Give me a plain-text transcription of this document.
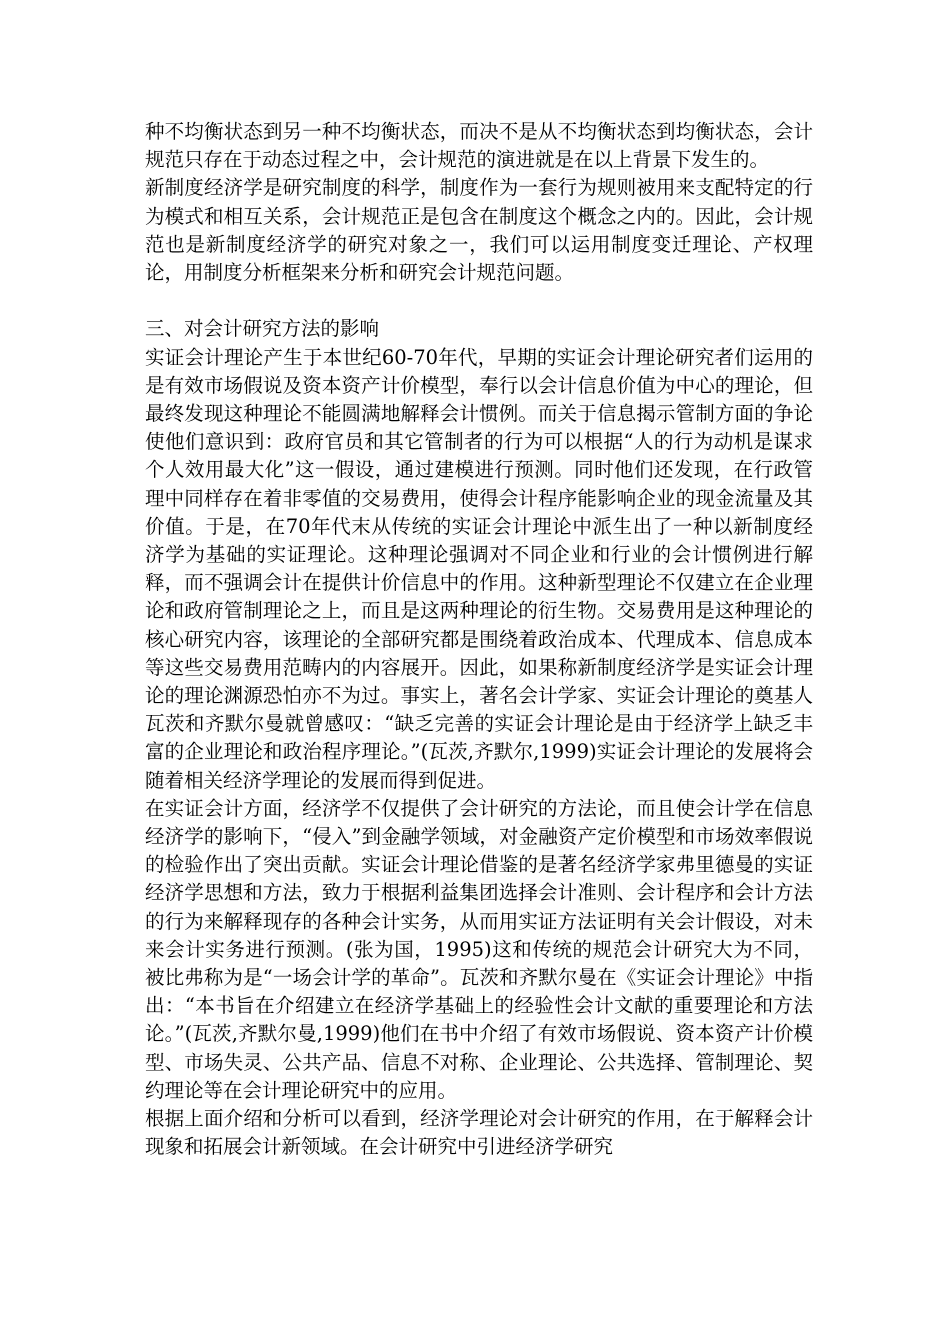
种不均衡状态到另一种不均衡状态，而决不是从不均衡状态到均衡状态，会计规范只存在于动态过程之中，会计规范的演进就是在以上背景下发生的。

新制度经济学是研究制度的科学，制度作为一套行为规则被用来支配特定的行为模式和相互关系，会计规范正是包含在制度这个概念之内的。因此，会计规范也是新制度经济学的研究对象之一，我们可以运用制度变迁理论、产权理论，用制度分析框架来分析和研究会计规范问题。

三、对会计研究方法的影响

实证会计理论产生于本世纪60-70年代，早期的实证会计理论研究者们运用的是有效市场假说及资本资产计价模型，奉行以会计信息价值为中心的理论，但最终发现这种理论不能圆满地解释会计惯例。而关于信息揭示管制方面的争论使他们意识到：政府官员和其它管制者的行为可以根据“人的行为动机是谋求个人效用最大化”这一假设，通过建模进行预测。同时他们还发现，在行政管理中同样存在着非零值的交易费用，使得会计程序能影响企业的现金流量及其价值。于是，在70年代末从传统的实证会计理论中派生出了一种以新制度经济学为基础的实证理论。这种理论强调对不同企业和行业的会计惯例进行解释，而不强调会计在提供计价信息中的作用。这种新型理论不仅建立在企业理论和政府管制理论之上，而且是这两种理论的衍生物。交易费用是这种理论的核心研究内容，该理论的全部研究都是围绕着政治成本、代理成本、信息成本等这些交易费用范畴内的内容展开。因此，如果称新制度经济学是实证会计理论的理论渊源恐怕亦不为过。事实上，著名会计学家、实证会计理论的奠基人瓦茨和齐默尔曼就曾感叹：“缺乏完善的实证会计理论是由于经济学上缺乏丰富的企业理论和政治程序理论。”(瓦茨,齐默尔,1999)实证会计理论的发展将会随着相关经济学理论的发展而得到促进。

在实证会计方面，经济学不仅提供了会计研究的方法论，而且使会计学在信息经济学的影响下，“侵入”到金融学领域，对金融资产定价模型和市场效率假说的检验作出了突出贡献。实证会计理论借鉴的是著名经济学家弗里德曼的实证经济学思想和方法，致力于根据利益集团选择会计准则、会计程序和会计方法的行为来解释现存的各种会计实务，从而用实证方法证明有关会计假设，对未来会计实务进行预测。(张为国，1995)这和传统的规范会计研究大为不同，被比弗称为是“一场会计学的革命”。瓦茨和齐默尔曼在《实证会计理论》中指出：“本书旨在介绍建立在经济学基础上的经验性会计文献的重要理论和方法论。”(瓦茨,齐默尔曼,1999)他们在书中介绍了有效市场假说、资本资产计价模型、市场失灵、公共产品、信息不对称、企业理论、公共选择、管制理论、契约理论等在会计理论研究中的应用。

根据上面介绍和分析可以看到，经济学理论对会计研究的作用，在于解释会计现象和拓展会计新领域。在会计研究中引进经济学研究
